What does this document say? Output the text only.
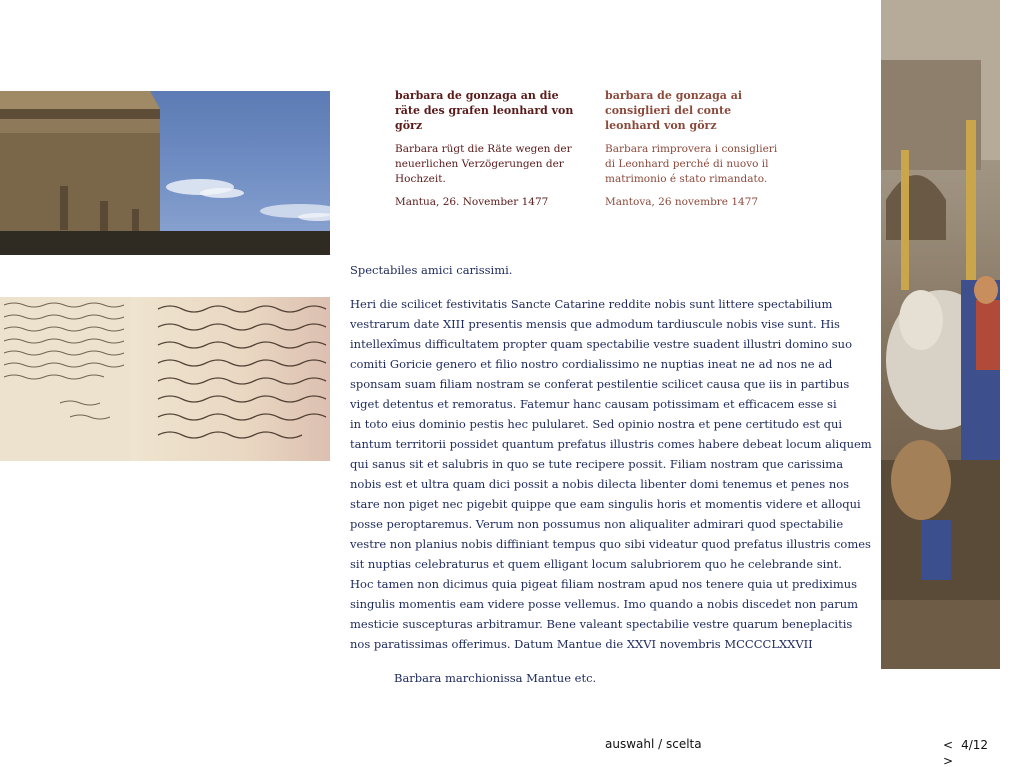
barbara de gonzaga an die räte des grafen leonhard von görz

Barbara rügt die Räte wegen der neuerlichen Verzögerungen der Hochzeit.

Mantua, 26. November 1477

barbara de gonzaga ai consiglieri del conte leonhard von görz

Barbara rimprovera i consiglieri di Leonhard perché di nuovo il matrimonio é stato rimandato.

Mantova, 26 novembre 1477

Spectabiles amici carissimi.

Heri die scilicet festivitatis Sancte Catarine reddite nobis sunt littere spectabilium
vestrarum date XIII presentis mensis que admodum tardiuscule nobis vise sunt. His
intellexîmus difficultatem propter quam spectabilie vestre suadent illustri domino suo
comiti Goricie genero et filio nostro cordialissimo ne nuptias ineat ne ad nos ne ad
sponsam suam filiam nostram se conferat pestilentie scilicet causa que iis in partibus
viget detentus et remoratus. Fatemur hanc causam potissimam et efficacem esse si
in toto eius dominio pestis hec pulularet. Sed opinio nostra et pene certitudo est qui
tantum territorii possidet quantum prefatus illustris comes habere debeat locum aliquem
qui sanus sit et salubris in quo se tute recipere possit. Filiam nostram que carissima
nobis est et ultra quam dici possit a nobis dilecta libenter domi tenemus et penes nos
stare non piget nec pigebit quippe que eam singulis horis et momentis videre et alloqui
posse peroptaremus. Verum non possumus non aliqualiter admirari quod spectabilie
vestre non planius nobis diffiniant tempus quo sibi videatur quod prefatus illustris comes
sit nuptias celebraturus et quem elligant locum salubriorem quo he celebrande sint.
Hoc tamen non dicimus quia pigeat filiam nostram apud nos tenere quia ut prediximus
singulis momentis eam videre posse vellemus. Imo quando a nobis discedet non parum
mesticie suscepturas arbitramur. Bene valeant spectabilie vestre quarum beneplacitis
nos paratissimas offerimus. Datum Mantue die XXVI novembris MCCCCLXXVII

Barbara marchionissa Mantue etc.

auswahl / scelta	< 4/12
>
